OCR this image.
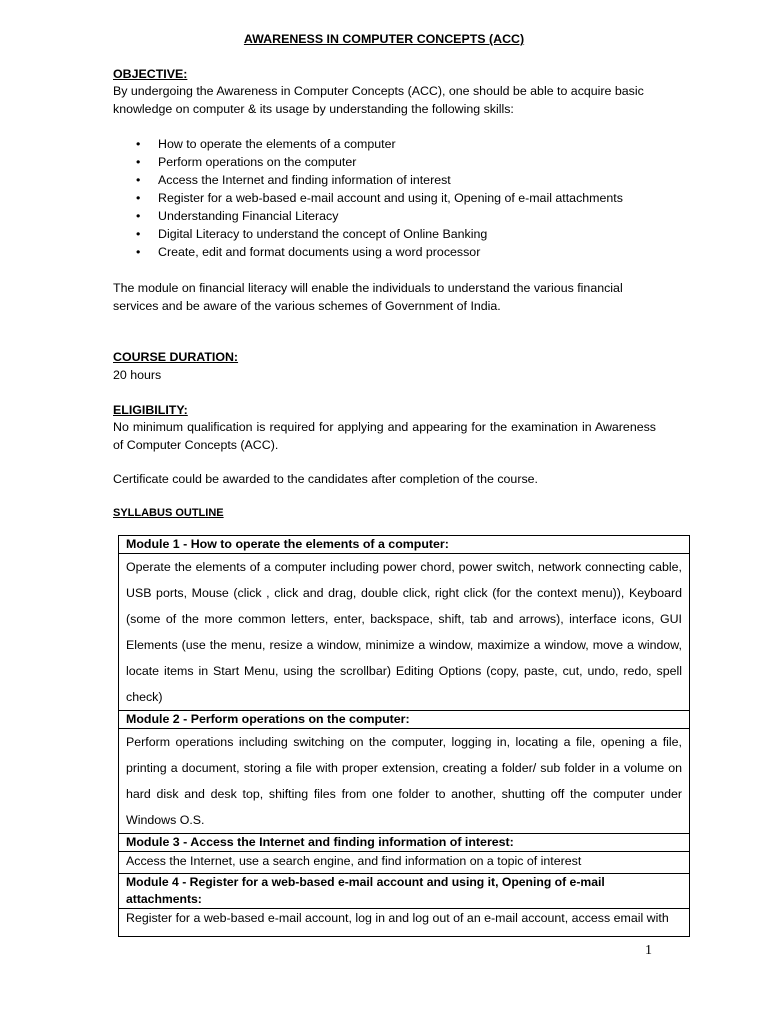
AWARENESS IN COMPUTER CONCEPTS (ACC)
OBJECTIVE:
By undergoing the Awareness in Computer Concepts (ACC), one should be able to acquire basic knowledge on computer & its usage by understanding the following skills:
• How to operate the elements of a computer
• Perform operations on the computer
• Access the Internet and finding information of interest
• Register for a web-based e-mail account and using it, Opening of e-mail attachments
• Understanding Financial Literacy
• Digital Literacy to understand the concept of Online Banking
• Create, edit and format documents using a word processor
The module on financial literacy will enable the individuals to understand the various financial services and be aware of the various schemes of Government of India.
COURSE DURATION:
20 hours
ELIGIBILITY:
No minimum qualification is required for applying and appearing for the examination in Awareness of Computer Concepts (ACC).
Certificate could be awarded to the candidates after completion of the course.
SYLLABUS OUTLINE
Module 1 - How to operate the elements of a computer:
Operate the elements of a computer including power chord, power switch, network connecting cable, USB ports, Mouse (click , click and drag, double click, right click (for the context menu)), Keyboard (some of the more common letters, enter, backspace, shift, tab and arrows), interface icons, GUI Elements (use the menu, resize a window, minimize a window, maximize a window, move a window, locate items in Start Menu, using the scrollbar) Editing Options (copy, paste, cut, undo, redo, spell check)
Module 2 - Perform operations on the computer:
Perform operations including switching on the computer, logging in, locating a file, opening a file, printing a document, storing a file with proper extension, creating a folder/ sub folder in a volume on hard disk and desk top, shifting files from one folder to another, shutting off the computer under Windows O.S.
Module 3 - Access the Internet and finding information of interest:
Access the Internet, use a search engine, and find information on a topic of interest
Module 4 - Register for a web-based e-mail account and using it, Opening of e-mail attachments:
Register for a web-based e-mail account, log in and log out of an e-mail account, access email with
1
